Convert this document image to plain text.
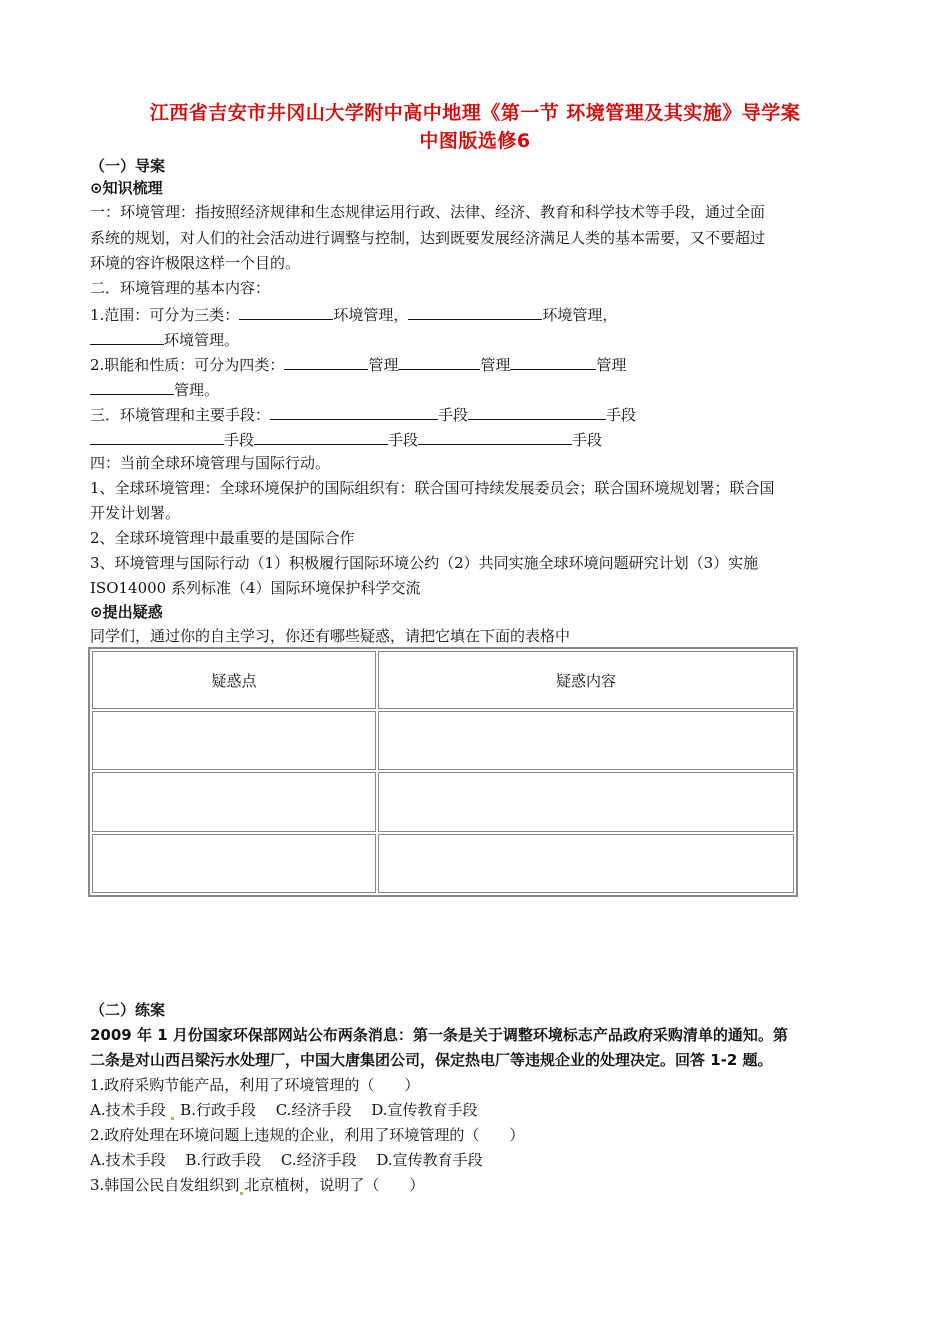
江西省吉安市井冈山大学附中高中地理《第一节 环境管理及其实施》导学案
中图版选修6
（一）导案
⊙知识梳理
一：环境管理：指按照经济规律和生态规律运用行政、法律、经济、教育和科学技术等手段，通过全面
系统的规划，对人们的社会活动进行调整与控制，达到既要发展经济满足人类的基本需要，又不要超过
环境的容许极限这样一个目的。
二．环境管理的基本内容：
1.范围：可分为三类：	环境管理，	环境管理，
环境管理。
2.职能和性质：可分为四类：	管理	管理	管理
管理。
三．环境管理和主要手段：	手段	手段
手段	手段	手段
四：当前全球环境管理与国际行动。
1、全球环境管理：全球环境保护的国际组织有：联合国可持续发展委员会；联合国环境规划署；联合国
开发计划署。
2、全球环境管理中最重要的是国际合作
3、环境管理与国际行动（1）积极履行国际环境公约（2）共同实施全球环境问题研究计划（3）实施
ISO14000 系列标准（4）国际环境保护科学交流
⊙提出疑惑
同学们，通过你的自主学习，你还有哪些疑惑，请把它填在下面的表格中
疑惑点	疑惑内容

（二）练案
2009 年 1 月份国家环保部网站公布两条消息：第一条是关于调整环境标志产品政府采购清单的通知。第
二条是对山西吕梁污水处理厂，中国大唐集团公司，保定热电厂等违规企业的处理决定。回答 1-2 题。
1.政府采购节能产品，利用了环境管理的（　　）
A.技术手段 B.行政手段　 C.经济手段　 D.宣传教育手段
2.政府处理在环境问题上违规的企业，利用了环境管理的（　　）
A.技术手段　 B.行政手段　 C.经济手段　 D.宣传教育手段
3.韩国公民自发组织到 北京植树，说明了（　　）
